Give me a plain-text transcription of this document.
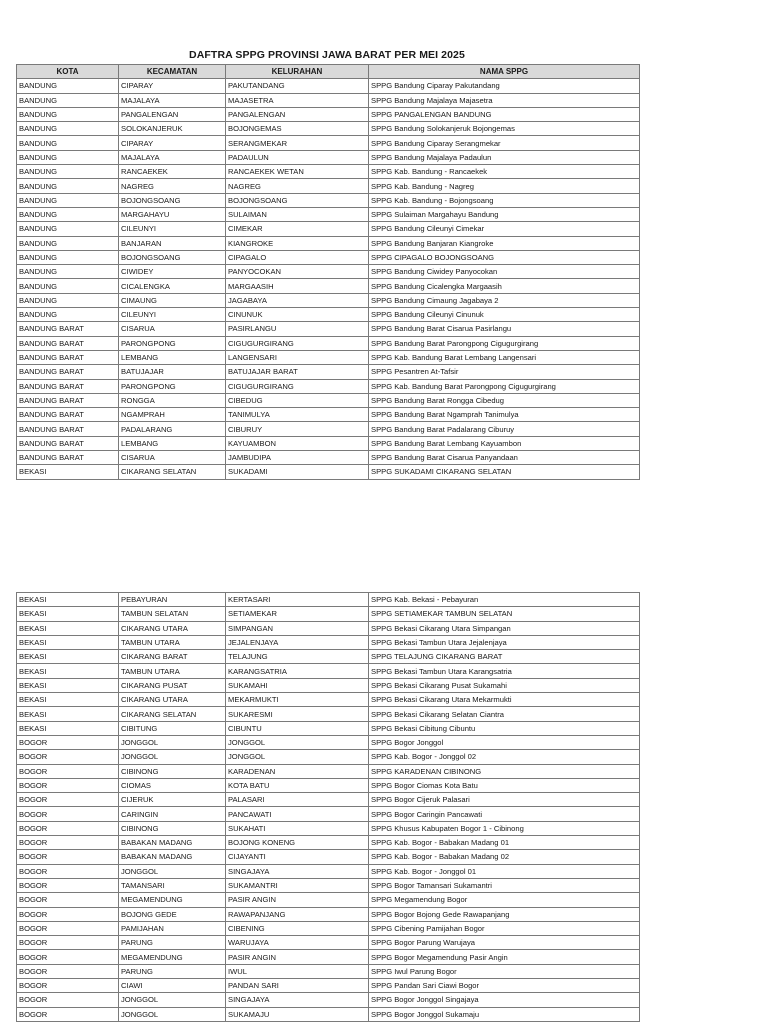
DAFTRA SPPG PROVINSI JAWA BARAT PER MEI 2025
KOTA	KECAMATAN	KELURAHAN	NAMA SPPG
BANDUNG	CIPARAY	PAKUTANDANG	SPPG Bandung Ciparay Pakutandang
BANDUNG	MAJALAYA	MAJASETRA	SPPG Bandung Majalaya Majasetra
BANDUNG	PANGALENGAN	PANGALENGAN	SPPG PANGALENGAN BANDUNG
BANDUNG	SOLOKANJERUK	BOJONGEMAS	SPPG Bandung Solokanjeruk Bojongemas
BANDUNG	CIPARAY	SERANGMEKAR	SPPG Bandung Ciparay Serangmekar
BANDUNG	MAJALAYA	PADAULUN	SPPG Bandung Majalaya Padaulun
BANDUNG	RANCAEKEK	RANCAEKEK WETAN	SPPG Kab. Bandung - Rancaekek
BANDUNG	NAGREG	NAGREG	SPPG Kab. Bandung - Nagreg
BANDUNG	BOJONGSOANG	BOJONGSOANG	SPPG Kab. Bandung - Bojongsoang
BANDUNG	MARGAHAYU	SULAIMAN	SPPG Sulaiman Margahayu Bandung
BANDUNG	CILEUNYI	CIMEKAR	SPPG Bandung Cileunyi Cimekar
BANDUNG	BANJARAN	KIANGROKE	SPPG Bandung Banjaran Kiangroke
BANDUNG	BOJONGSOANG	CIPAGALO	SPPG CIPAGALO BOJONGSOANG
BANDUNG	CIWIDEY	PANYOCOKAN	SPPG Bandung Ciwidey Panyocokan
BANDUNG	CICALENGKA	MARGAASIH	SPPG Bandung Cicalengka Margaasih
BANDUNG	CIMAUNG	JAGABAYA	SPPG Bandung Cimaung Jagabaya 2
BANDUNG	CILEUNYI	CINUNUK	SPPG Bandung Cileunyi Cinunuk
BANDUNG BARAT	CISARUA	PASIRLANGU	SPPG Bandung Barat Cisarua Pasirlangu
BANDUNG BARAT	PARONGPONG	CIGUGURGIRANG	SPPG Bandung Barat Parongpong Cigugurgirang
BANDUNG BARAT	LEMBANG	LANGENSARI	SPPG Kab. Bandung Barat Lembang Langensari
BANDUNG BARAT	BATUJAJAR	BATUJAJAR BARAT	SPPG Pesantren At-Tafsir
BANDUNG BARAT	PARONGPONG	CIGUGURGIRANG	SPPG Kab. Bandung Barat Parongpong Cigugurgirang
BANDUNG BARAT	RONGGA	CIBEDUG	SPPG Bandung Barat Rongga Cibedug
BANDUNG BARAT	NGAMPRAH	TANIMULYA	SPPG Bandung Barat Ngamprah Tanimulya
BANDUNG BARAT	PADALARANG	CIBURUY	SPPG Bandung Barat Padalarang Ciburuy
BANDUNG BARAT	LEMBANG	KAYUAMBON	SPPG Bandung Barat Lembang Kayuambon
BANDUNG BARAT	CISARUA	JAMBUDIPA	SPPG Bandung Barat Cisarua Panyandaan
BEKASI	CIKARANG SELATAN	SUKADAMI	SPPG SUKADAMI CIKARANG SELATAN
BEKASI	PEBAYURAN	KERTASARI	SPPG Kab. Bekasi - Pebayuran
BEKASI	TAMBUN SELATAN	SETIAMEKAR	SPPG SETIAMEKAR TAMBUN SELATAN
BEKASI	CIKARANG UTARA	SIMPANGAN	SPPG Bekasi Cikarang Utara Simpangan
BEKASI	TAMBUN UTARA	JEJALENJAYA	SPPG Bekasi Tambun Utara Jejalenjaya
BEKASI	CIKARANG BARAT	TELAJUNG	SPPG TELAJUNG CIKARANG BARAT
BEKASI	TAMBUN UTARA	KARANGSATRIA	SPPG Bekasi Tambun Utara Karangsatria
BEKASI	CIKARANG PUSAT	SUKAMAHI	SPPG Bekasi Cikarang Pusat Sukamahi
BEKASI	CIKARANG UTARA	MEKARMUKTI	SPPG Bekasi Cikarang Utara Mekarmukti
BEKASI	CIKARANG SELATAN	SUKARESMI	SPPG Bekasi Cikarang Selatan Ciantra
BEKASI	CIBITUNG	CIBUNTU	SPPG Bekasi Cibitung Cibuntu
BOGOR	JONGGOL	JONGGOL	SPPG Bogor Jonggol
BOGOR	JONGGOL	JONGGOL	SPPG Kab. Bogor - Jonggol 02
BOGOR	CIBINONG	KARADENAN	SPPG KARADENAN CIBINONG
BOGOR	CIOMAS	KOTA BATU	SPPG Bogor Ciomas Kota Batu
BOGOR	CIJERUK	PALASARI	SPPG Bogor Cijeruk Palasari
BOGOR	CARINGIN	PANCAWATI	SPPG Bogor Caringin Pancawati
BOGOR	CIBINONG	SUKAHATI	SPPG Khusus Kabupaten Bogor 1 - Cibinong
BOGOR	BABAKAN MADANG	BOJONG KONENG	SPPG Kab. Bogor - Babakan Madang 01
BOGOR	BABAKAN MADANG	CIJAYANTI	SPPG Kab. Bogor - Babakan Madang 02
BOGOR	JONGGOL	SINGAJAYA	SPPG Kab. Bogor - Jonggol 01
BOGOR	TAMANSARI	SUKAMANTRI	SPPG Bogor Tamansari Sukamantri
BOGOR	MEGAMENDUNG	PASIR ANGIN	SPPG Megamendung Bogor
BOGOR	BOJONG GEDE	RAWAPANJANG	SPPG Bogor Bojong Gede Rawapanjang
BOGOR	PAMIJAHAN	CIBENING	SPPG Cibening Pamijahan Bogor
BOGOR	PARUNG	WARUJAYA	SPPG Bogor Parung Warujaya
BOGOR	MEGAMENDUNG	PASIR ANGIN	SPPG Bogor Megamendung Pasir Angin
BOGOR	PARUNG	IWUL	SPPG Iwul Parung Bogor
BOGOR	CIAWI	PANDAN SARI	SPPG Pandan Sari Ciawi Bogor
BOGOR	JONGGOL	SINGAJAYA	SPPG Bogor Jonggol Singajaya
BOGOR	JONGGOL	SUKAMAJU	SPPG Bogor Jonggol Sukamaju
